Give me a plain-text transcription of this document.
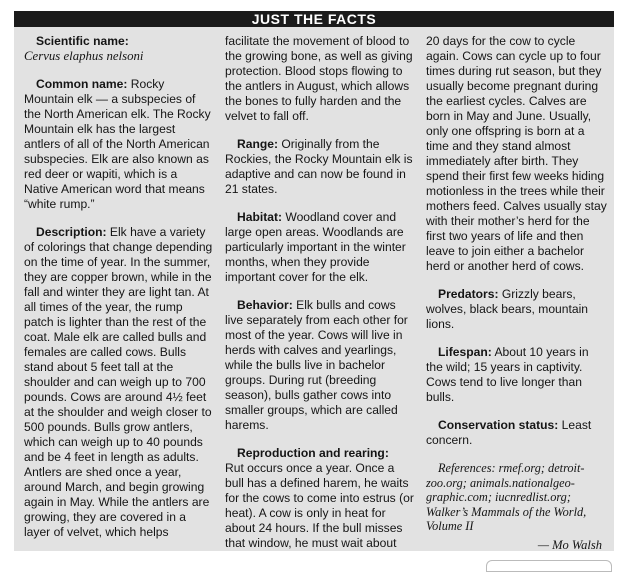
JUST THE FACTS

Scientific name:
Cervus elaphus nelsoni

Common name: Rocky Mountain elk — a subspecies of the North American elk. The Rocky Mountain elk has the largest antlers of all of the North American subspecies. Elk are also known as red deer or wapiti, which is a Native American word that means “white rump.”

Description: Elk have a variety of colorings that change depending on the time of year. In the summer, they are copper brown, while in the fall and winter they are light tan. At all times of the year, the rump patch is lighter than the rest of the coat. Male elk are called bulls and females are called cows. Bulls stand about 5 feet tall at the shoulder and can weigh up to 700 pounds. Cows are around 4½ feet at the shoulder and weigh closer to 500 pounds. Bulls grow antlers, which can weigh up to 40 pounds and be 4 feet in length as adults. Antlers are shed once a year, around March, and begin growing again in May. While the antlers are growing, they are covered in a layer of velvet, which helps

facilitate the movement of blood to the growing bone, as well as giving protection. Blood stops flowing to the antlers in August, which allows the bones to fully harden and the velvet to fall off.

Range: Originally from the Rockies, the Rocky Mountain elk is adaptive and can now be found in 21 states.

Habitat: Woodland cover and large open areas. Woodlands are particularly important in the winter months, when they provide important cover for the elk.

Behavior: Elk bulls and cows live separately from each other for most of the year. Cows will live in herds with calves and yearlings, while the bulls live in bachelor groups. During rut (breeding season), bulls gather cows into smaller groups, which are called harems.

Reproduction and rearing:
Rut occurs once a year. Once a bull has a defined harem, he waits for the cows to come into estrus (or heat). A cow is only in heat for about 24 hours. If the bull misses that window, he must wait about

20 days for the cow to cycle again. Cows can cycle up to four times during rut season, but they usually become pregnant during the earliest cycles. Calves are born in May and June. Usually, only one offspring is born at a time and they stand almost immediately after birth. They spend their first few weeks hiding motionless in the trees while their mothers feed. Calves usually stay with their mother’s herd for the first two years of life and then leave to join either a bachelor herd or another herd of cows.

Predators: Grizzly bears, wolves, black bears, mountain lions.

Lifespan: About 10 years in the wild; 15 years in captivity. Cows tend to live longer than bulls.

Conservation status: Least concern.

References: rmef.org; detroit-zoo.org; animals.nationalgeo-graphic.com; iucnredlist.org; Walker’s Mammals of the World, Volume II
— Mo Walsh
